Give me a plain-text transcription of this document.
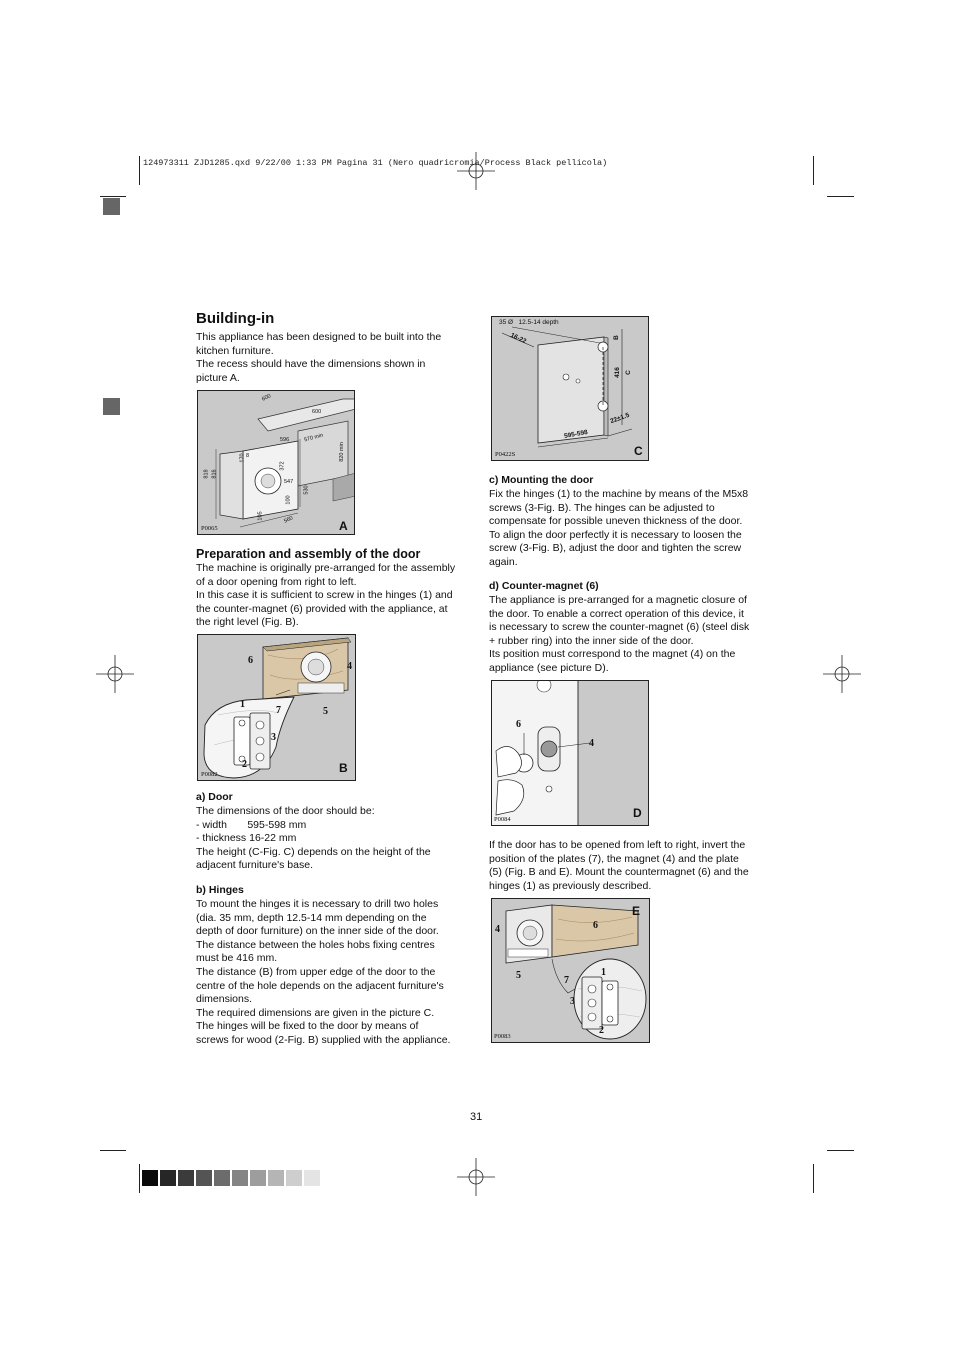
124973311 ZJD1285.qxd 9/22/00 1:33 PM Pagina 31 (Nero quadricromia/Process Black pellicola)
Building-in
This appliance has been designed to be built into the
kitchen furniture.
The recess should have the dimensions shown in
picture A.
600
600
596	570 min
820 min
818 816
170 8
372
547
100
105	560
530
P0065	A
Preparation and assembly of the door
The machine is originally pre-arranged for the assembly
of a door opening from right to left.
In this case it is sufficient to screw in the hinges (1) and
the counter-magnet (6) provided with the appliance, at
the right level (Fig. B).
6
4
5
1
7
3
2
P0082	B
a) Door
The dimensions of the door should be:
- width       595-598 mm
- thickness 16-22 mm
The height (C-Fig. C) depends on the height of the
adjacent furniture's base.
b) Hinges
To mount the hinges it is necessary to drill two holes
(dia. 35 mm, depth 12.5-14 mm depending on the
depth of door furniture) on the inner side of the door.
The distance between the holes hobs fixing centres
must be 416 mm.
The distance (B) from upper edge of the door to the
centre of the hole depends on the adjacent furniture's
dimensions.
The required dimensions are given in the picture C.
The hinges will be fixed to the door by means of
screws for wood (2-Fig. B) supplied with the appliance.
35 Ø   12.5-14 depth
16-22	B
416 C
22±1.5
595-598
P0422S	C
c) Mounting the door
Fix the hinges (1) to the machine by means of the M5x8
screws (3-Fig. B). The hinges can be adjusted to
compensate for possible uneven thickness of the door.
To align the door perfectly it is necessary to loosen the
screw (3-Fig. B), adjust the door and tighten the screw
again.
d) Counter-magnet (6)
The appliance is pre-arranged for a magnetic closure of
the door. To enable a correct operation of this device, it
is necessary to screw the counter-magnet (6) (steel disk
+ rubber ring) into the inner side of the door.
Its position must correspond to the magnet (4) on the
appliance (see picture D).
6
4
P0084	D
If the door has to be opened from left to right, invert the
position of the plates (7), the magnet (4) and the plate
(5) (Fig. B and E). Mount the countermagnet (6) and the
hinges (1) as previously described.
6
4
5	7
1
3
2
P0083
E
31
